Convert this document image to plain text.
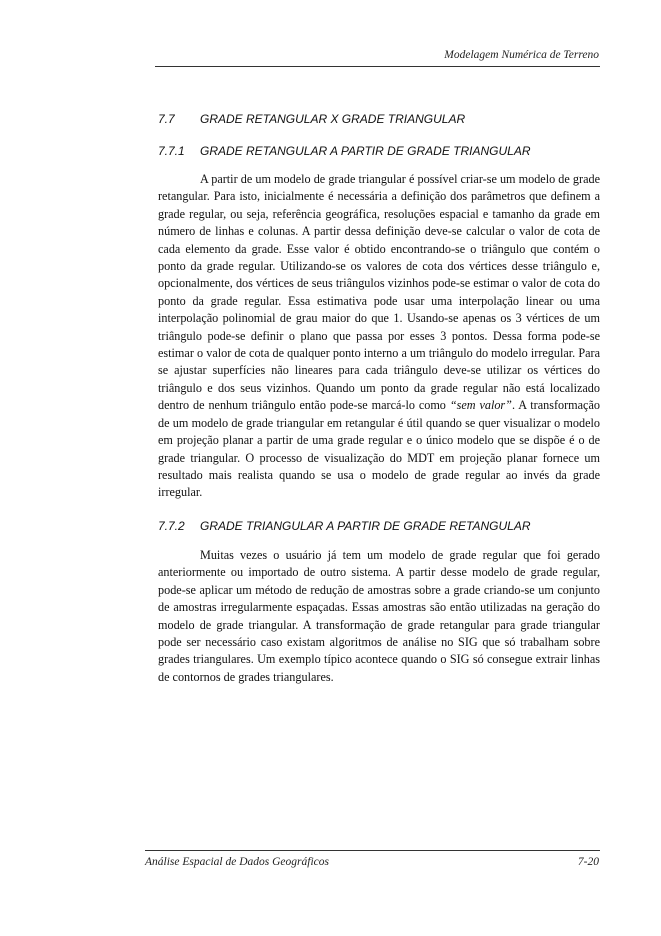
Modelagem Numérica de Terreno
7.7 GRADE RETANGULAR X GRADE TRIANGULAR
7.7.1 GRADE RETANGULAR A PARTIR DE GRADE TRIANGULAR

A partir de um modelo de grade triangular é possível criar-se um modelo de grade retangular. Para isto, inicialmente é necessária a definição dos parâmetros que definem a grade regular, ou seja, referência geográfica, resoluções espacial e tamanho da grade em número de linhas e colunas. A partir dessa definição deve-se calcular o valor de cota de cada elemento da grade. Esse valor é obtido encontrando-se o triângulo que contém o ponto da grade regular. Utilizando-se os valores de cota dos vértices desse triângulo e, opcionalmente, dos vértices de seus triângulos vizinhos pode-se estimar o valor de cota do ponto da grade regular. Essa estimativa pode usar uma interpolação linear ou uma interpolação polinomial de grau maior do que 1. Usando-se apenas os 3 vértices de um triângulo pode-se definir o plano que passa por esses 3 pontos. Dessa forma pode-se estimar o valor de cota de qualquer ponto interno a um triângulo do modelo irregular. Para se ajustar superfícies não lineares para cada triângulo deve-se utilizar os vértices do triângulo e dos seus vizinhos. Quando um ponto da grade regular não está localizado dentro de nenhum triângulo então pode-se marcá-lo como “sem valor”. A transformação de um modelo de grade triangular em retangular é útil quando se quer visualizar o modelo em projeção planar a partir de uma grade regular e o único modelo que se dispõe é o de grade triangular. O processo de visualização do MDT em projeção planar fornece um resultado mais realista quando se usa o modelo de grade regular ao invés da grade irregular.

7.7.2 GRADE TRIANGULAR A PARTIR DE GRADE RETANGULAR

Muitas vezes o usuário já tem um modelo de grade regular que foi gerado anteriormente ou importado de outro sistema. A partir desse modelo de grade regular, pode-se aplicar um método de redução de amostras sobre a grade criando-se um conjunto de amostras irregularmente espaçadas. Essas amostras são então utilizadas na geração do modelo de grade triangular. A transformação de grade retangular para grade triangular pode ser necessário caso existam algoritmos de análise no SIG que só trabalham sobre grades triangulares. Um exemplo típico acontece quando o SIG só consegue extrair linhas de contornos de grades triangulares.

Análise Espacial de Dados Geográficos	7-20
